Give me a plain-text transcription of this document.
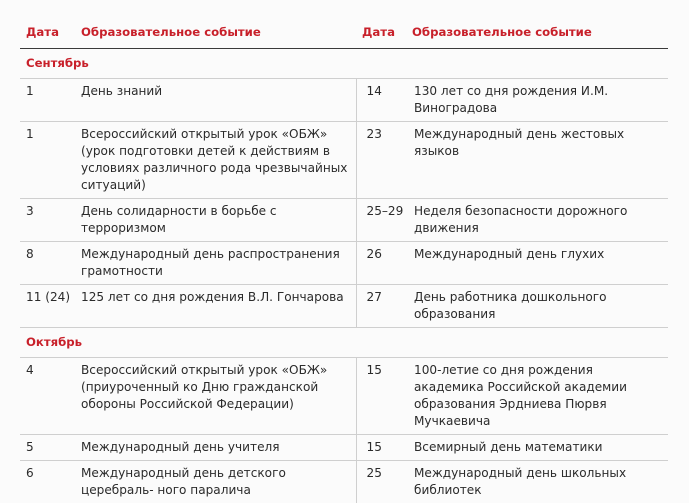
Дата	Образовательное событие	Дата	Образовательное событие
Сентябрь			
1	День знаний	14	130 лет со дня рождения И.М. Виноградова
1	Всероссийский открытый урок «ОБЖ» (урок подготовки детей к действиям в условиях различного рода чрезвычайных ситуаций)	23	Международный день жестовых языков
3	День солидарности в борьбе с терроризмом	25–29	Неделя безопасности дорожного движения
8	Международный день распространения грамотности	26	Международный день глухих
11 (24)	125 лет со дня рождения В.Л. Гончарова	27	День работника дошкольного образования
Октябрь			
4	Всероссийский открытый урок «ОБЖ» (приуроченный ко Дню гражданской обороны Российской Федерации)	15	100-летие со дня рождения академика Российской академии образования Эрдниева Пюрвя Мучкаевича
5	Международный день учителя	15	Всемирный день математики
6	Международный день детского церебраль- ного паралича	25	Международный день школьных библиотек
